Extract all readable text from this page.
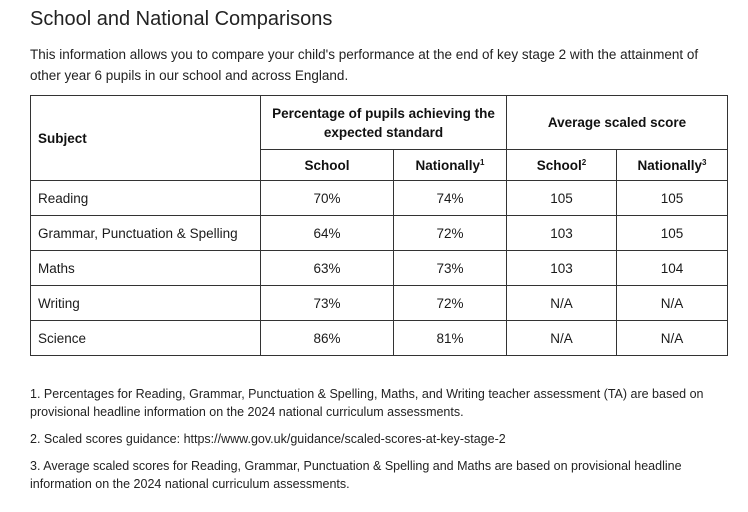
School and National Comparisons
This information allows you to compare your child's performance at the end of key stage 2 with the attainment of other year 6 pupils in our school and across England.
Subject	Percentage of pupils achieving the expected standard		Average scaled score	
	School	Nationally$^1$	School$^2$	Nationally$^3$
Reading	70%	74%	105	105
Grammar, Punctuation & Spelling	64%	72%	103	105
Maths	63%	73%	103	104
Writing	73%	72%	N/A	N/A
Science	86%	81%	N/A	N/A

1. Percentages for Reading, Grammar, Punctuation & Spelling, Maths, and Writing teacher assessment (TA) are based on provisional headline information on the 2024 national curriculum assessments.

2. Scaled scores guidance: https://www.gov.uk/guidance/scaled-scores-at-key-stage-2

3. Average scaled scores for Reading, Grammar, Punctuation & Spelling and Maths are based on provisional headline information on the 2024 national curriculum assessments.
